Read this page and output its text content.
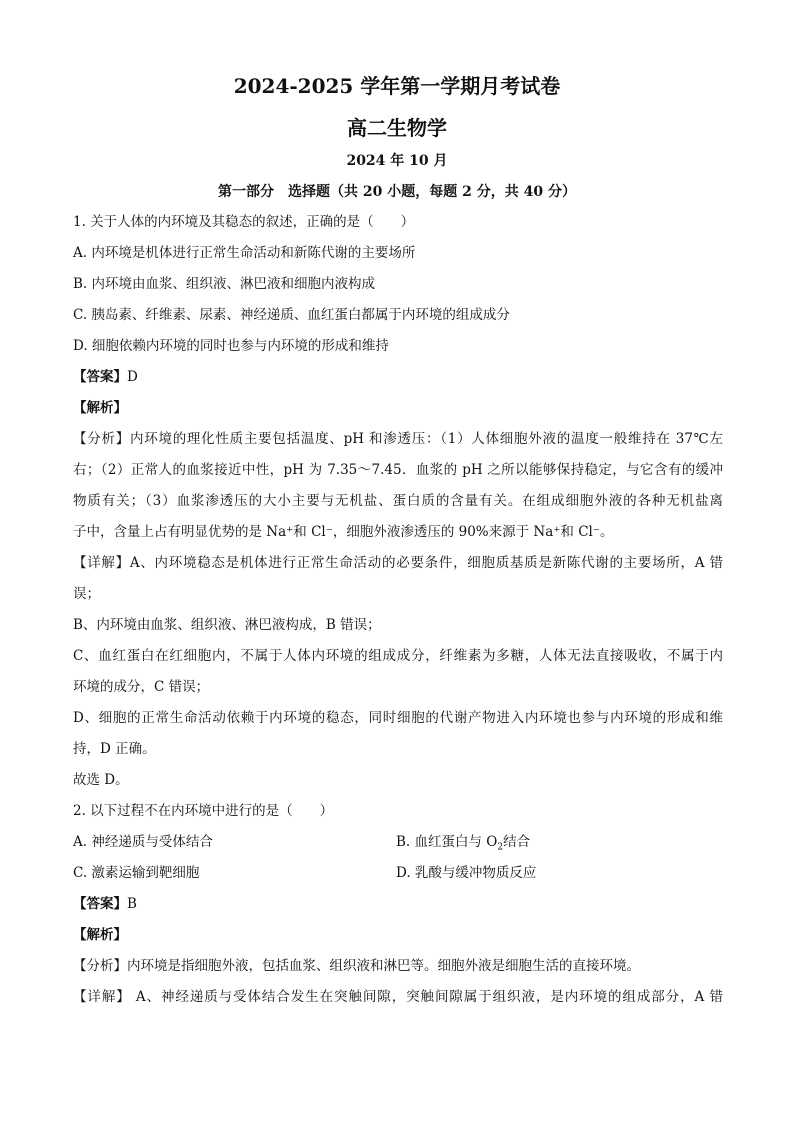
2024-2025 学年第一学期月考试卷
高二生物学
2024 年 10 月
第一部分　选择题（共 20 小题，每题 2 分，共 40 分）
1. 关于人体的内环境及其稳态的叙述，正确的是（　　）
A. 内环境是机体进行正常生命活动和新陈代谢的主要场所
B. 内环境由血浆、组织液、淋巴液和细胞内液构成
C. 胰岛素、纤维素、尿素、神经递质、血红蛋白都属于内环境的组成成分
D. 细胞依赖内环境的同时也参与内环境的形成和维持
【答案】D
【解析】
【分析】内环境的理化性质主要包括温度、pH 和渗透压：（1）人体细胞外液的温度一般维持在 37℃左
右；（2）正常人的血浆接近中性，pH 为 7.35～7.45．血浆的 pH 之所以能够保持稳定，与它含有的缓冲
物质有关；（3）血浆渗透压的大小主要与无机盐、蛋白质的含量有关。在组成细胞外液的各种无机盐离
子中，含量上占有明显优势的是 Na⁺和 Cl⁻，细胞外液渗透压的 90%来源于 Na⁺和 Cl⁻。
【详解】A、内环境稳态是机体进行正常生命活动的必要条件，细胞质基质是新陈代谢的主要场所，A 错
误；
B、内环境由血浆、组织液、淋巴液构成，B 错误；
C、血红蛋白在红细胞内，不属于人体内环境的组成成分，纤维素为多糖，人体无法直接吸收，不属于内
环境的成分，C 错误；
D、细胞的正常生命活动依赖于内环境的稳态，同时细胞的代谢产物进入内环境也参与内环境的形成和维
持，D 正确。
故选 D。
2. 以下过程不在内环境中进行的是（　　）
A. 神经递质与受体结合	B. 血红蛋白与 $O_2$结合
C. 激素运输到靶细胞	D. 乳酸与缓冲物质反应
【答案】B
【解析】
【分析】内环境是指细胞外液，包括血浆、组织液和淋巴等。细胞外液是细胞生活的直接环境。
【详解】 A、神经递质与受体结合发生在突触间隙，突触间隙属于组织液，是内环境的组成部分，A 错
